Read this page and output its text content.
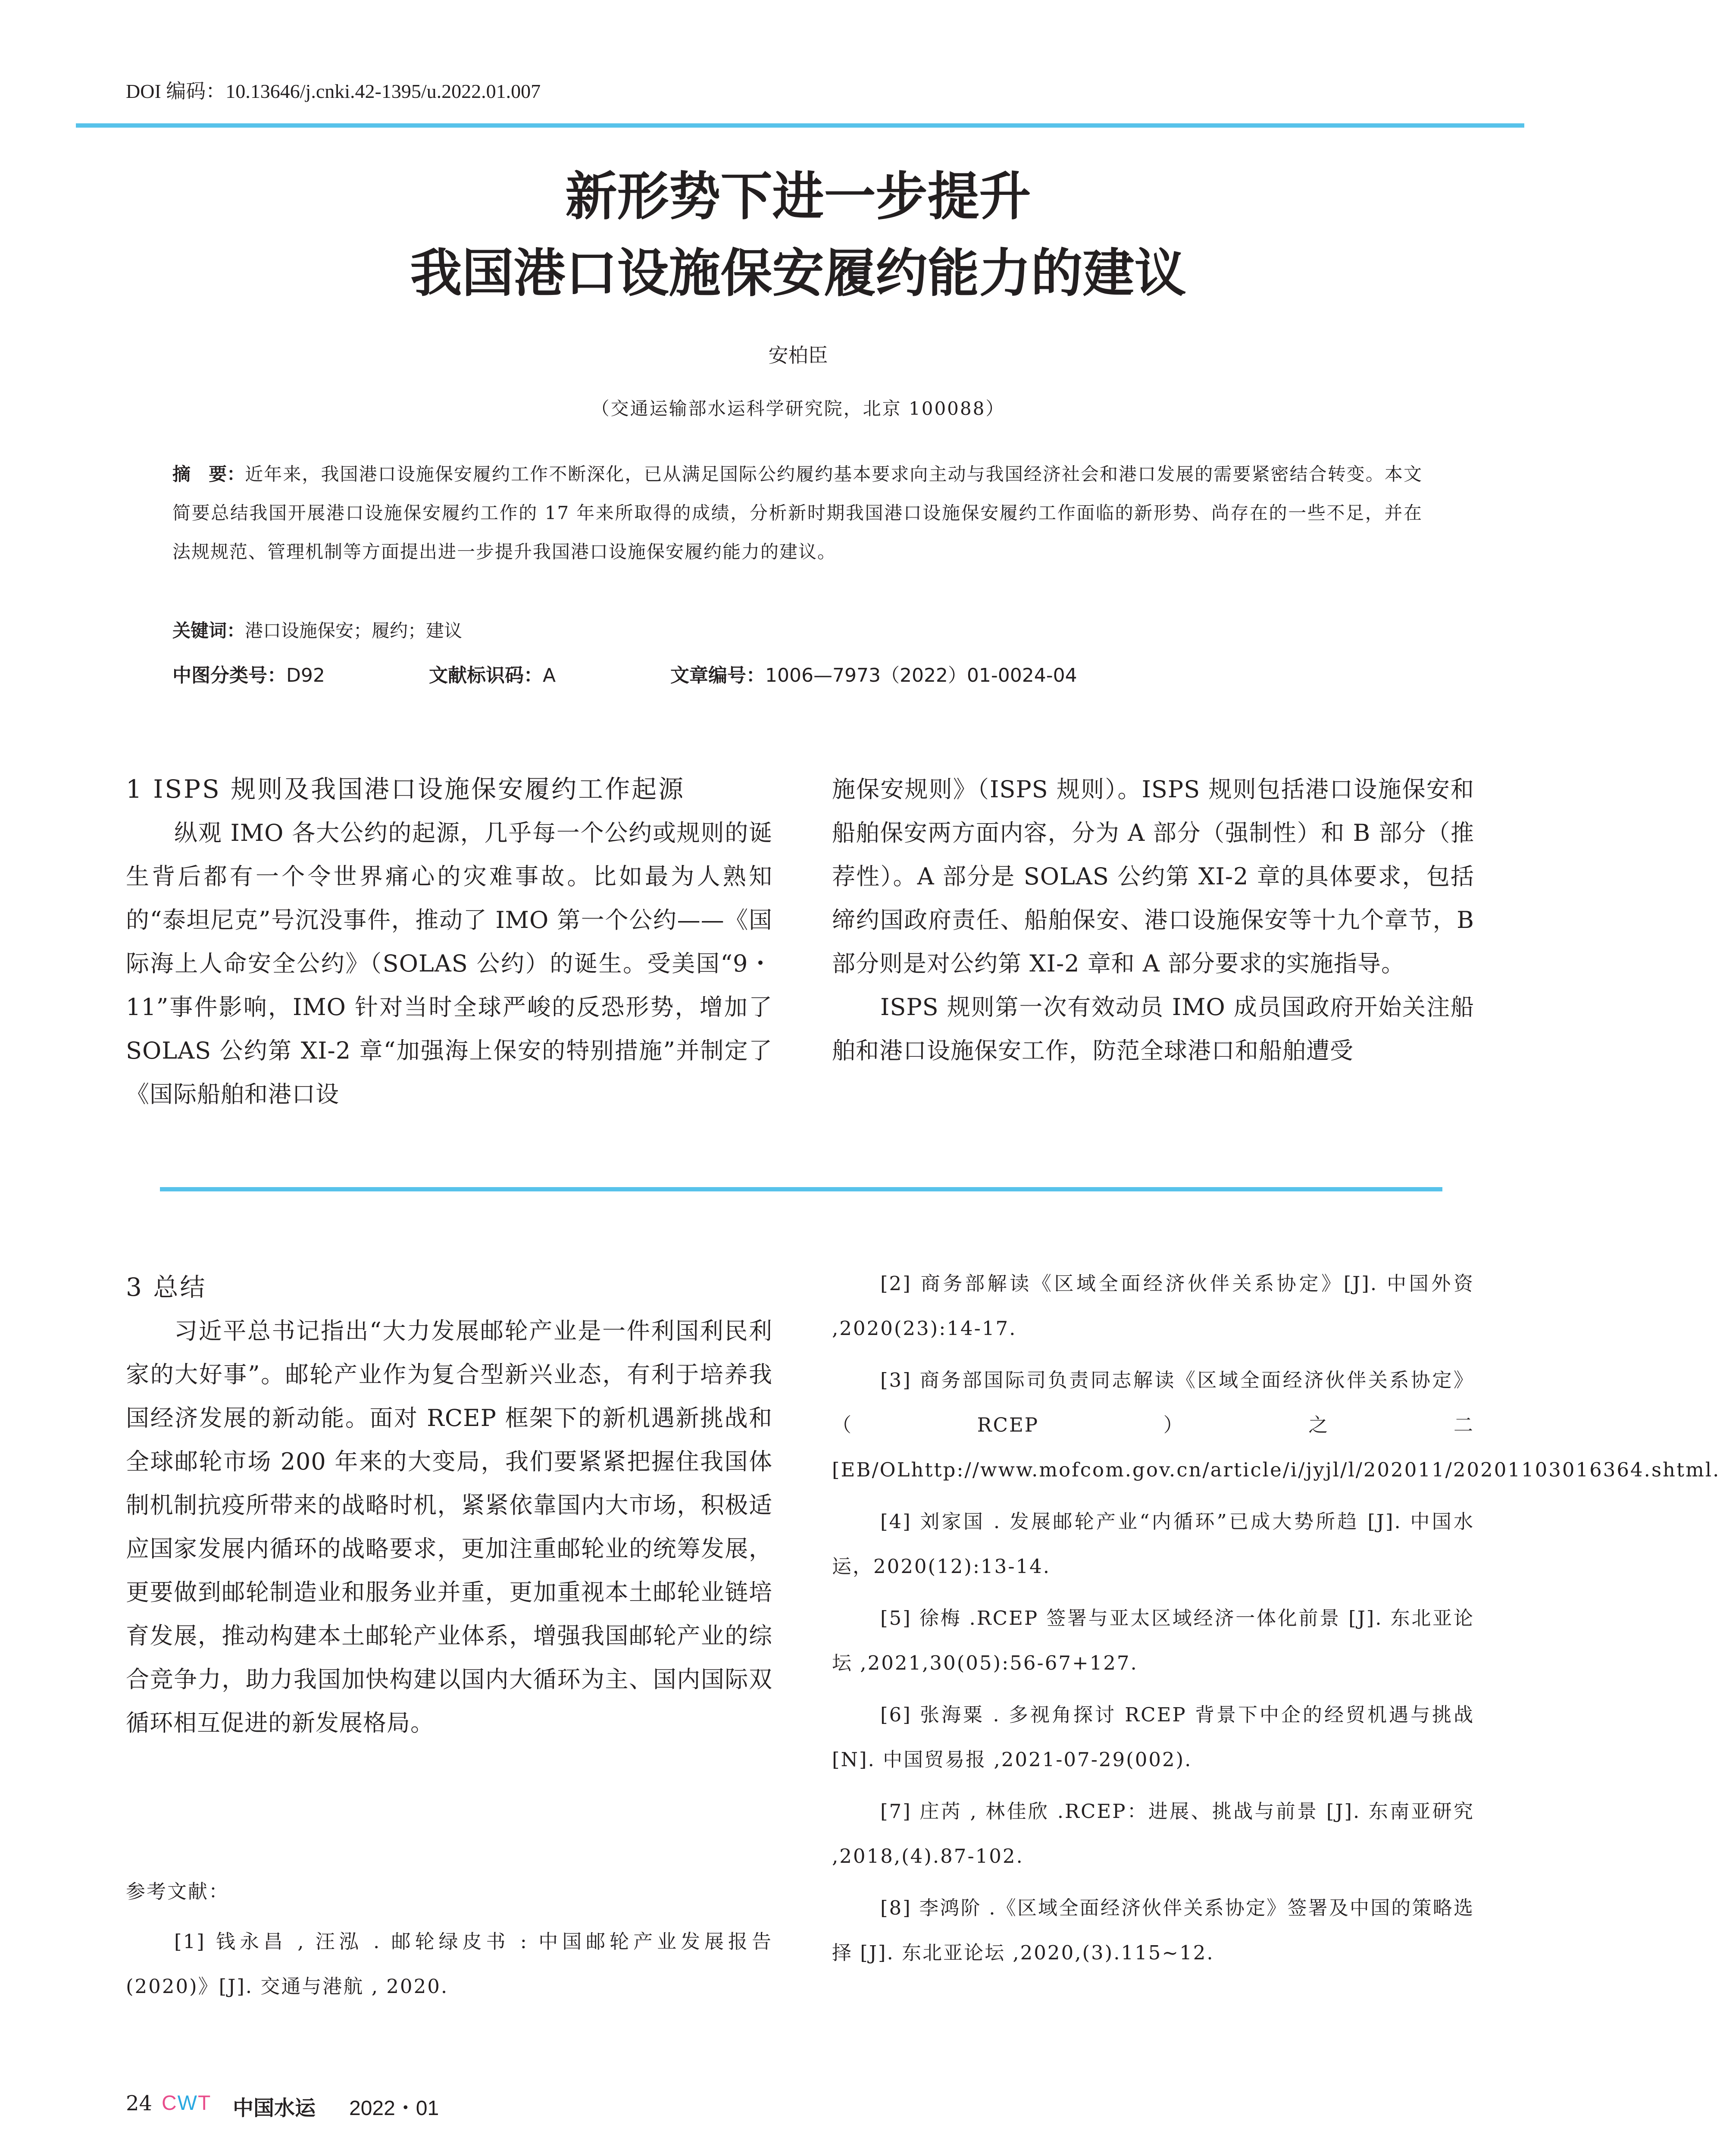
DOI 编码：10.13646/j.cnki.42-1395/u.2022.01.007
新形势下进一步提升
我国港口设施保安履约能力的建议
安柏臣
（交通运输部水运科学研究院，北京 100088）

摘　要：近年来，我国港口设施保安履约工作不断深化，已从满足国际公约履约基本要求向主动与我国经济社会和港口发展的需要紧密结合转变。本文简要总结我国开展港口设施保安履约工作的 17 年来所取得的成绩，分析新时期我国港口设施保安履约工作面临的新形势、尚存在的一些不足，并在法规规范、管理机制等方面提出进一步提升我国港口设施保安履约能力的建议。

关键词：港口设施保安；履约；建议
中图分类号：D92	文献标识码：A	文章编号：1006—7973（2022）01-0024-04
1 ISPS 规则及我国港口设施保安履约工作起源

纵观 IMO 各大公约的起源，几乎每一个公约或规则的诞生背后都有一个令世界痛心的灾难事故。比如最为人熟知的“泰坦尼克”号沉没事件，推动了 IMO 第一个公约——《国际海上人命安全公约》（SOLAS 公约）的诞生。受美国“9・11”事件影响，IMO 针对当时全球严峻的反恐形势，增加了 SOLAS 公约第 XI-2 章“加强海上保安的特别措施”并制定了《国际船舶和港口设

施保安规则》（ISPS 规则）。ISPS 规则包括港口设施保安和船舶保安两方面内容，分为 A 部分（强制性）和 B 部分（推荐性）。A 部分是 SOLAS 公约第 XI-2 章的具体要求，包括缔约国政府责任、船舶保安、港口设施保安等十九个章节，B 部分则是对公约第 XI-2 章和 A 部分要求的实施指导。

ISPS 规则第一次有效动员 IMO 成员国政府开始关注船舶和港口设施保安工作，防范全球港口和船舶遭受

3 总结

习近平总书记指出“大力发展邮轮产业是一件利国利民利家的大好事”。邮轮产业作为复合型新兴业态，有利于培养我国经济发展的新动能。面对 RCEP 框架下的新机遇新挑战和全球邮轮市场 200 年来的大变局，我们要紧紧把握住我国体制机制抗疫所带来的战略时机，紧紧依靠国内大市场，积极适应国家发展内循环的战略要求，更加注重邮轮业的统筹发展，更要做到邮轮制造业和服务业并重，更加重视本土邮轮业链培育发展，推动构建本土邮轮产业体系，增强我国邮轮产业的综合竞争力，助力我国加快构建以国内大循环为主、国内国际双循环相互促进的新发展格局。

参考文献：

[1] 钱永昌 , 汪泓 . 邮轮绿皮书 : 中国邮轮产业发展报告 (2020)》[J]. 交通与港航 , 2020.

[2] 商务部解读《区域全面经济伙伴关系协定》[J]. 中国外资 ,2020(23):14-17.

[3] 商务部国际司负责同志解读《区域全面经济伙伴关系协定》（RCEP）之二 [EB/OLhttp://www.mofcom.gov.cn/article/i/jyjl/l/202011/20201103016364.shtml.

[4] 刘家国 . 发展邮轮产业“内循环”已成大势所趋 [J]. 中国水运，2020(12):13-14.

[5] 徐梅 .RCEP 签署与亚太区域经济一体化前景 [J]. 东北亚论坛 ,2021,30(05):56-67+127.

[6] 张海粟 . 多视角探讨 RCEP 背景下中企的经贸机遇与挑战 [N]. 中国贸易报 ,2021-07-29(002).

[7] 庄芮 , 林佳欣 .RCEP：进展、挑战与前景 [J]. 东南亚研究 ,2018,(4).87-102.

[8] 李鸿阶 .《区域全面经济伙伴关系协定》签署及中国的策略选择 [J]. 东北亚论坛 ,2020,(3).115~12.

24 CWT 中国水运 2022・01
